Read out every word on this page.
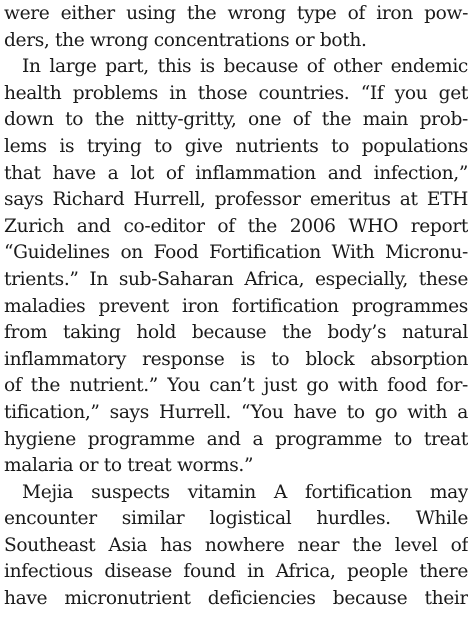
were either using the wrong type of iron pow-
ders, the wrong concentrations or both.
In large part, this is because of other endemic
health problems in those countries. “If you get
down to the nitty-gritty, one of the main prob-
lems is trying to give nutrients to populations
that have a lot of inflammation and infection,”
says Richard Hurrell, professor emeritus at ETH
Zurich and co-editor of the 2006 WHO report
“Guidelines on Food Fortification With Micronu-
trients.” In sub-Saharan Africa, especially, these
maladies prevent iron fortification programmes
from taking hold because the body’s natural
inflammatory response is to block absorption
of the nutrient.” You can’t just go with food for-
tification,” says Hurrell. “You have to go with a
hygiene programme and a programme to treat
malaria or to treat worms.”
Mejia suspects vitamin A fortification may
encounter similar logistical hurdles. While
Southeast Asia has nowhere near the level of
infectious disease found in Africa, people there
have micronutrient deficiencies because their
